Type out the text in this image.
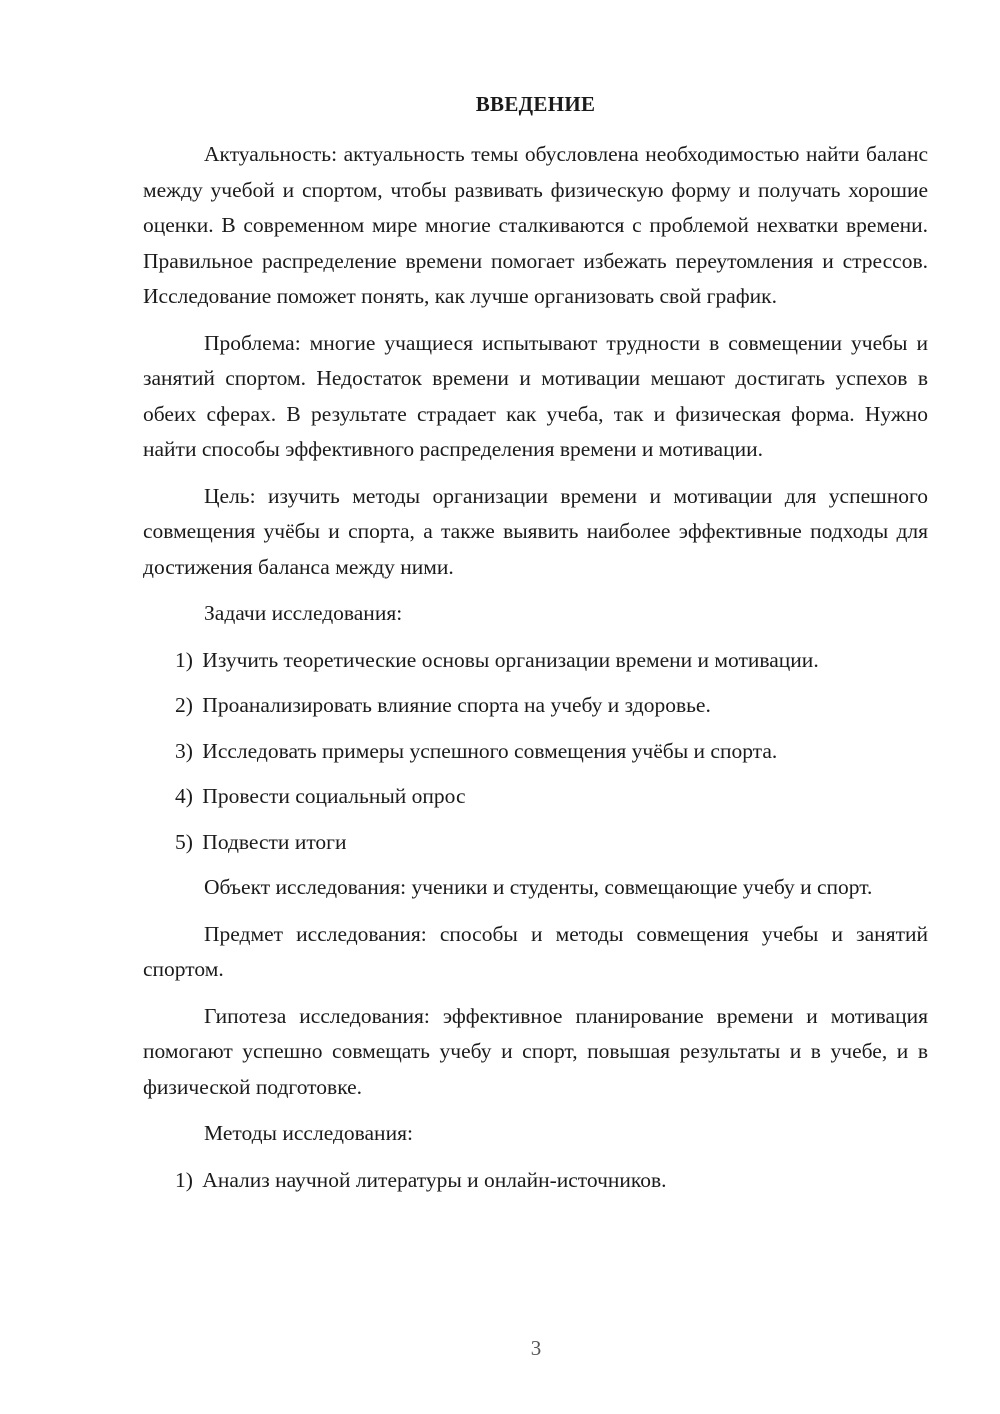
ВВЕДЕНИЕ

Актуальность: актуальность темы обусловлена необходимостью найти баланс между учебой и спортом, чтобы развивать физическую форму и получать хорошие оценки. В современном мире многие сталкиваются с проблемой нехватки времени. Правильное распределение времени помогает избежать переутомления и стрессов. Исследование поможет понять, как лучше организовать свой график.

Проблема: многие учащиеся испытывают трудности в совмещении учебы и занятий спортом. Недостаток времени и мотивации мешают достигать успехов в обеих сферах. В результате страдает как учеба, так и физическая форма. Нужно найти способы эффективного распределения времени и мотивации.

Цель: изучить методы организации времени и мотивации для успешного совмещения учёбы и спорта, а также выявить наиболее эффективные подходы для достижения баланса между ними.

Задачи исследования:

1) Изучить теоретические основы организации времени и мотивации.
2) Проанализировать влияние спорта на учебу и здоровье.
3) Исследовать примеры успешного совмещения учёбы и спорта.
4) Провести социальный опрос
5) Подвести итоги

Объект исследования: ученики и студенты, совмещающие учебу и спорт.

Предмет исследования: способы и методы совмещения учебы и занятий спортом.

Гипотеза исследования: эффективное планирование времени и мотивация помогают успешно совмещать учебу и спорт, повышая результаты и в учебе, и в физической подготовке.

Методы исследования:

1) Анализ научной литературы и онлайн-источников.
3
